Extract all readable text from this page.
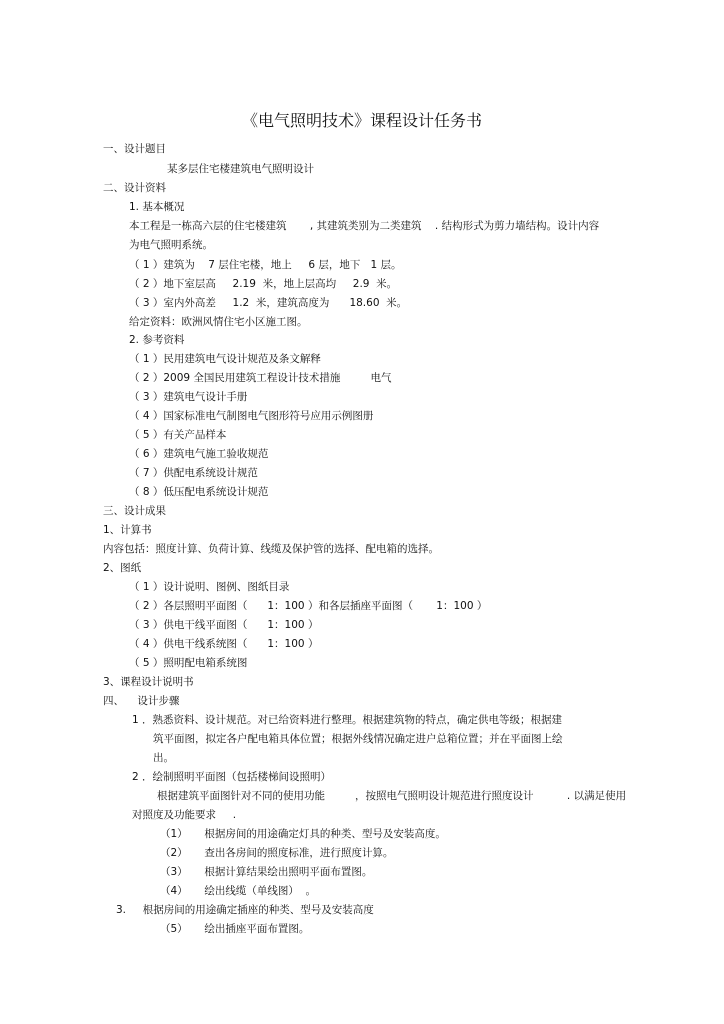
《电气照明技术》课程设计任务书
一、设计题目
某多层住宅楼建筑电气照明设计
二、设计资料
1. 基本概况
本工程是一栋高六层的住宅楼建筑       , 其建筑类别为二类建筑    . 结构形式为剪力墙结构。设计内容
为电气照明系统。
（ 1 ）建筑为    7 层住宅楼，地上     6 层，地下   1 层。
（ 2 ）地下室层高     2.19  米，地上层高均     2.9  米。
（ 3 ）室内外高差     1.2  米，建筑高度为      18.60  米。
给定资料：欧洲风情住宅小区施工图。
2. 参考资料
（ 1 ）民用建筑电气设计规范及条文解释
（ 2 ）2009 全国民用建筑工程设计技术措施         电气
（ 3 ）建筑电气设计手册
（ 4 ）国家标准电气制图电气图形符号应用示例图册
（ 5 ）有关产品样本
（ 6 ）建筑电气施工验收规范
（ 7 ）供配电系统设计规范
（ 8 ）低压配电系统设计规范
三、设计成果
1、计算书
内容包括：照度计算、负荷计算、线缆及保护管的选择、配电箱的选择。
2、图纸
（ 1 ）设计说明、图例、图纸目录
（ 2 ）各层照明平面图（      1：100 ）和各层插座平面图（       1：100 ）
（ 3 ）供电干线平面图（      1：100 ）
（ 4 ）供电干线系统图（      1：100 ）
（ 5 ）照明配电箱系统图
3、课程设计说明书
四、    设计步骤
1 ．熟悉资料、设计规范。对已给资料进行整理。根据建筑物的特点，确定供电等级；根据建
筑平面图，拟定各户配电箱具体位置；根据外线情况确定进户总箱位置；并在平面图上绘
出。
2 ．绘制照明平面图（包括楼梯间设照明）
根据建筑平面图针对不同的使用功能         ，按照电气照明设计规范进行照度设计          . 以满足使用
对照度及功能要求     .
（1）     根据房间的用途确定灯具的种类、型号及安装高度。
（2）     查出各房间的照度标准，进行照度计算。
（3）     根据计算结果绘出照明平面布置图。
（4）     绘出线缆（单线图）  。
3.     根据房间的用途确定插座的种类、型号及安装高度
（5）     绘出插座平面布置图。
